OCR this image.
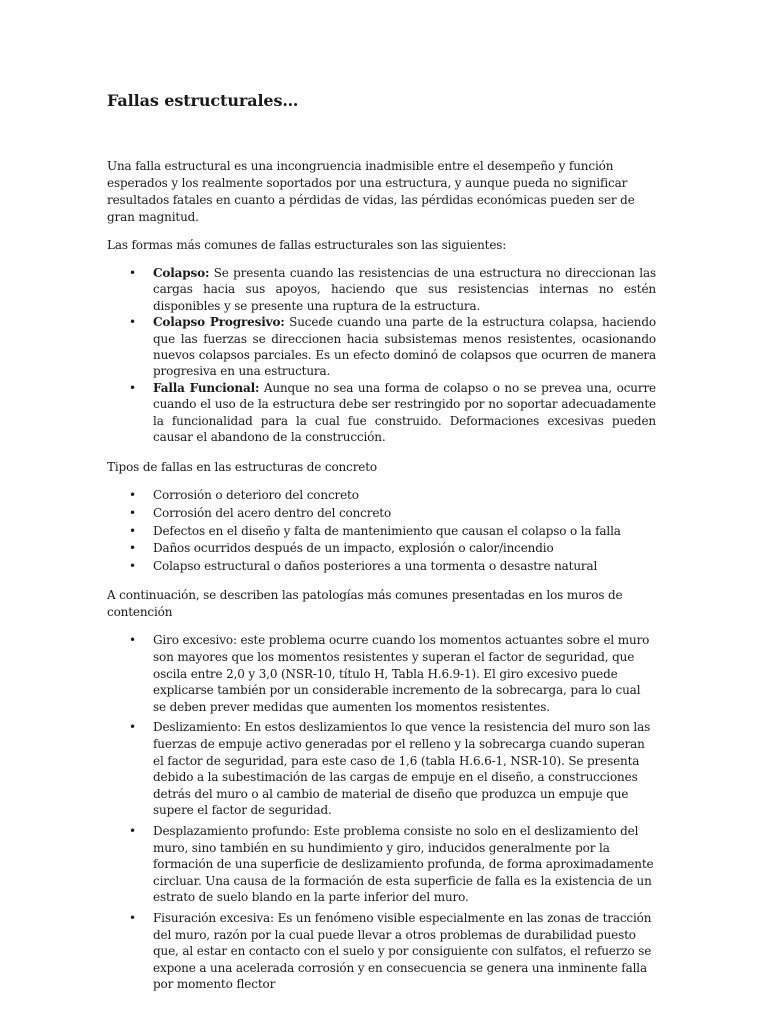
Fallas estructurales…

Una falla estructural es una incongruencia inadmisible entre el desempeño y función esperados y los realmente soportados por una estructura, y aunque pueda no significar resultados fatales en cuanto a pérdidas de vidas, las pérdidas económicas pueden ser de gran magnitud.

Las formas más comunes de fallas estructurales son las siguientes:

• Colapso: Se presenta cuando las resistencias de una estructura no direccionan las cargas hacia sus apoyos, haciendo que sus resistencias internas no estén disponibles y se presente una ruptura de la estructura.
• Colapso Progresivo: Sucede cuando una parte de la estructura colapsa, haciendo que las fuerzas se direccionen hacia subsistemas menos resistentes, ocasionando nuevos colapsos parciales. Es un efecto dominó de colapsos que ocurren de manera progresiva en una estructura.
• Falla Funcional: Aunque no sea una forma de colapso o no se prevea una, ocurre cuando el uso de la estructura debe ser restringido por no soportar adecuadamente la funcionalidad para la cual fue construido. Deformaciones excesivas pueden causar el abandono de la construcción.

Tipos de fallas en las estructuras de concreto

• Corrosión o deterioro del concreto
• Corrosión del acero dentro del concreto
• Defectos en el diseño y falta de mantenimiento que causan el colapso o la falla
• Daños ocurridos después de un impacto, explosión o calor/incendio
• Colapso estructural o daños posteriores a una tormenta o desastre natural

A continuación, se describen las patologías más comunes presentadas en los muros de contención

• Giro excesivo: este problema ocurre cuando los momentos actuantes sobre el muro son mayores que los momentos resistentes y superan el factor de seguridad, que oscila entre 2,0 y 3,0 (NSR-10, título H, Tabla H.6.9-1). El giro excesivo puede explicarse también por un considerable incremento de la sobrecarga, para lo cual se deben prever medidas que aumenten los momentos resistentes.
• Deslizamiento: En estos deslizamientos lo que vence la resistencia del muro son las fuerzas de empuje activo generadas por el relleno y la sobrecarga cuando superan el factor de seguridad, para este caso de 1,6 (tabla H.6.6-1, NSR-10). Se presenta debido a la subestimación de las cargas de empuje en el diseño, a construcciones detrás del muro o al cambio de material de diseño que produzca un empuje que supere el factor de seguridad.
• Desplazamiento profundo: Este problema consiste no solo en el deslizamiento del muro, sino también en su hundimiento y giro, inducidos generalmente por la formación de una superficie de deslizamiento profunda, de forma aproximadamente circluar. Una causa de la formación de esta superficie de falla es la existencia de un estrato de suelo blando en la parte inferior del muro.
• Fisuración excesiva: Es un fenómeno visible especialmente en las zonas de tracción del muro, razón por la cual puede llevar a otros problemas de durabilidad puesto que, al estar en contacto con el suelo y por consiguiente con sulfatos, el refuerzo se expone a una acelerada corrosión y en consecuencia se genera una inminente falla por momento flector
